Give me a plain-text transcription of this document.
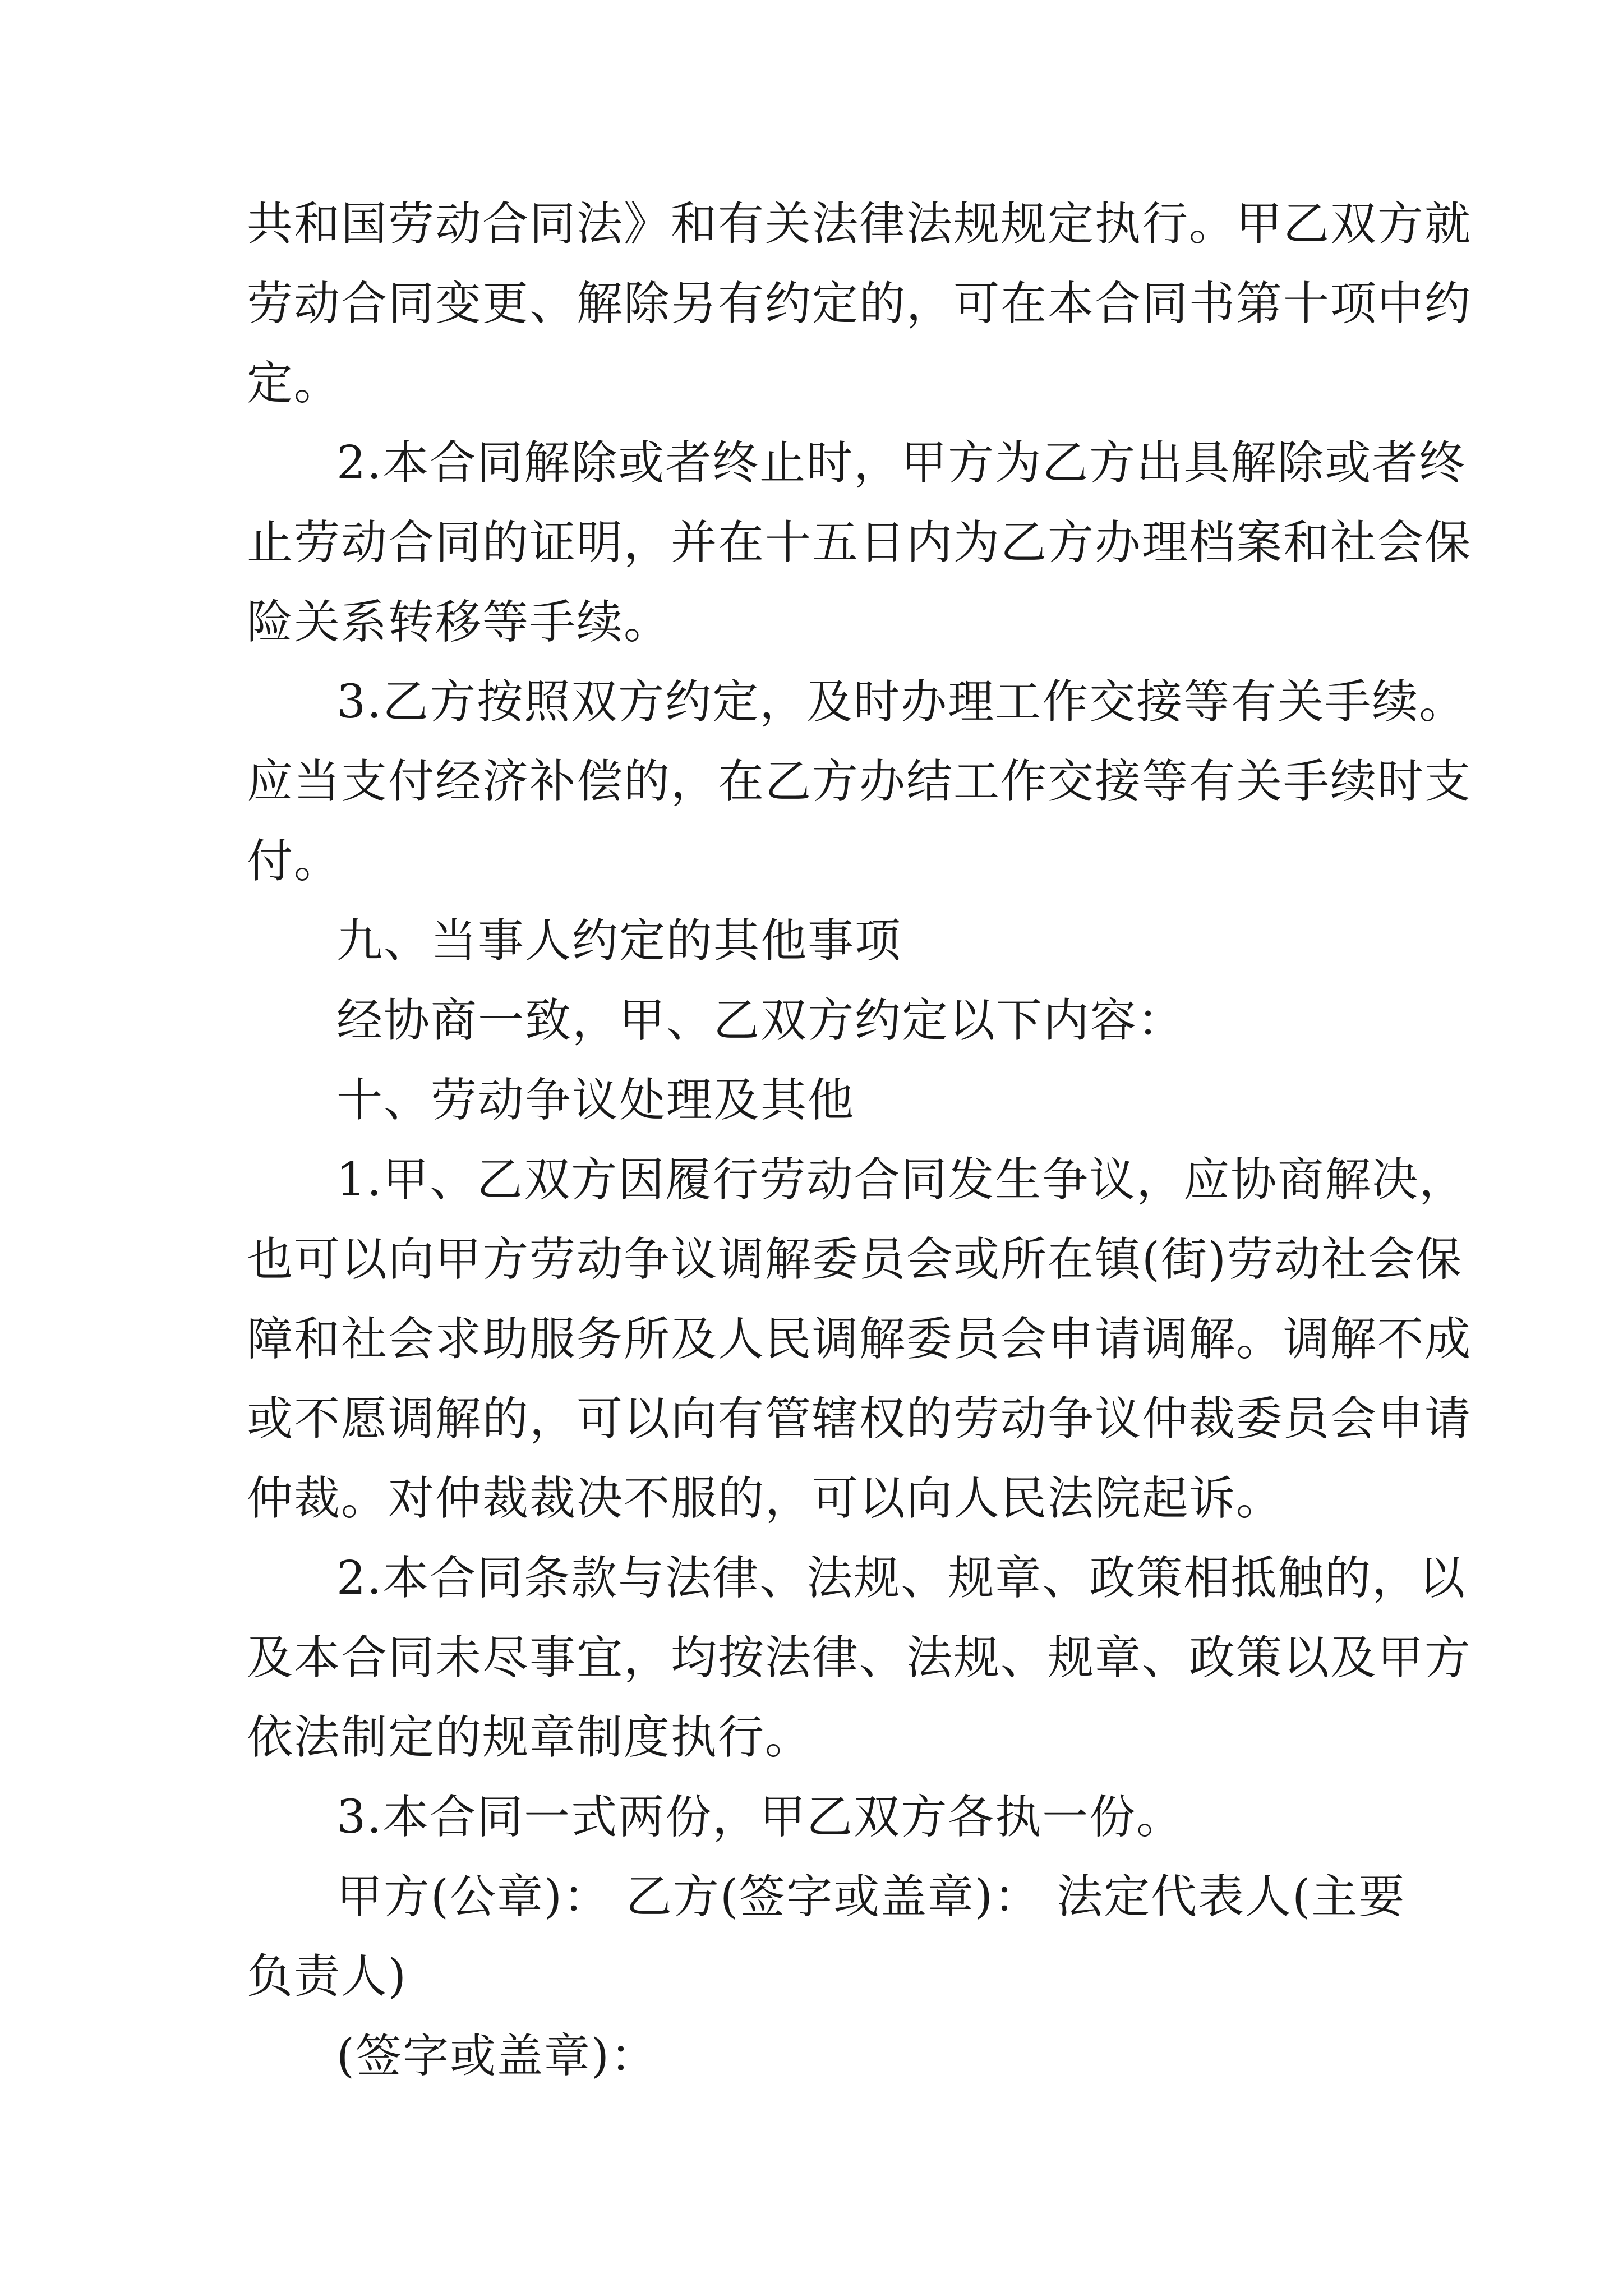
共和国劳动合同法》和有关法律法规规定执行。甲乙双方就
劳动合同变更、解除另有约定的，可在本合同书第十项中约
定。
2.本合同解除或者终止时，甲方为乙方出具解除或者终
止劳动合同的证明，并在十五日内为乙方办理档案和社会保
险关系转移等手续。
3.乙方按照双方约定，及时办理工作交接等有关手续。
应当支付经济补偿的，在乙方办结工作交接等有关手续时支
付。
九、当事人约定的其他事项
经协商一致，甲、乙双方约定以下内容：
十、劳动争议处理及其他
1.甲、乙双方因履行劳动合同发生争议，应协商解决，
也可以向甲方劳动争议调解委员会或所在镇(街)劳动社会保
障和社会求助服务所及人民调解委员会申请调解。调解不成
或不愿调解的，可以向有管辖权的劳动争议仲裁委员会申请
仲裁。对仲裁裁决不服的，可以向人民法院起诉。
2.本合同条款与法律、法规、规章、政策相抵触的，以
及本合同未尽事宜，均按法律、法规、规章、政策以及甲方
依法制定的规章制度执行。
3.本合同一式两份，甲乙双方各执一份。
甲方(公章)： 乙方(签字或盖章)： 法定代表人(主要
负责人)
(签字或盖章)：
